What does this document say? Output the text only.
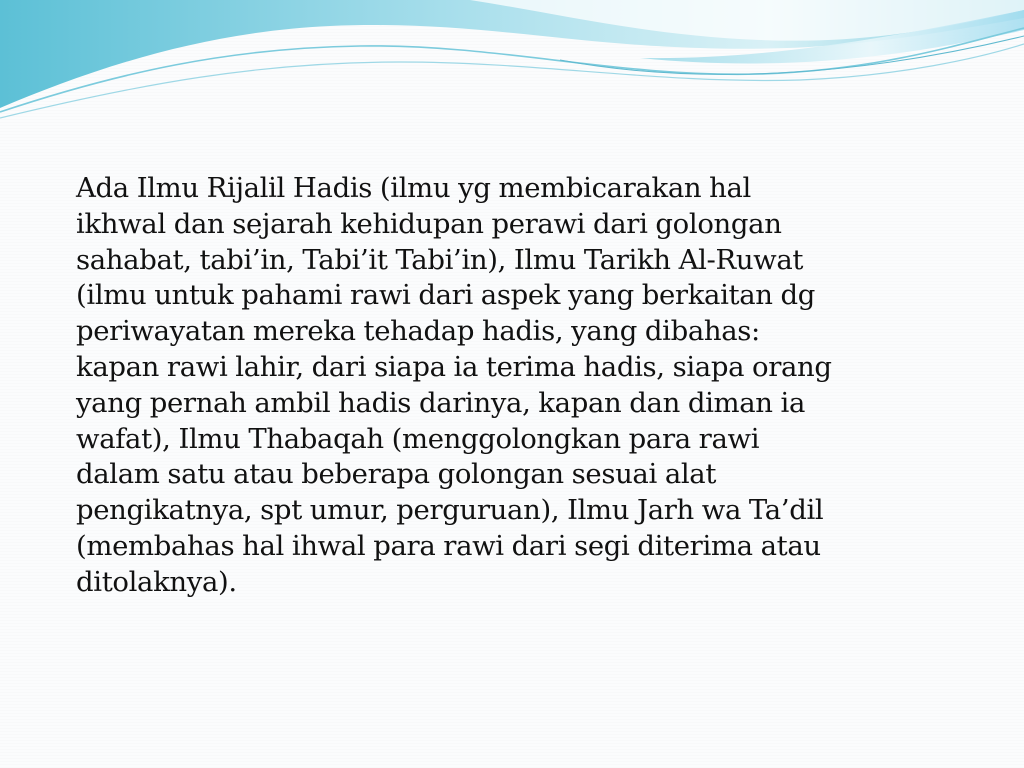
Ada Ilmu Rijalil Hadis (ilmu yg membicarakan hal
ikhwal dan sejarah kehidupan perawi dari golongan
sahabat, tabi’in, Tabi’it Tabi’in), Ilmu Tarikh Al-Ruwat
(ilmu untuk pahami rawi dari aspek yang berkaitan dg
periwayatan mereka tehadap hadis, yang dibahas:
kapan rawi lahir, dari siapa ia terima hadis, siapa orang
yang pernah ambil hadis darinya, kapan dan diman ia
wafat), Ilmu Thabaqah (menggolongkan para rawi
dalam satu atau beberapa golongan sesuai alat
pengikatnya, spt umur, perguruan), Ilmu Jarh wa Ta’dil
(membahas hal ihwal para rawi dari segi diterima atau
ditolaknya).
